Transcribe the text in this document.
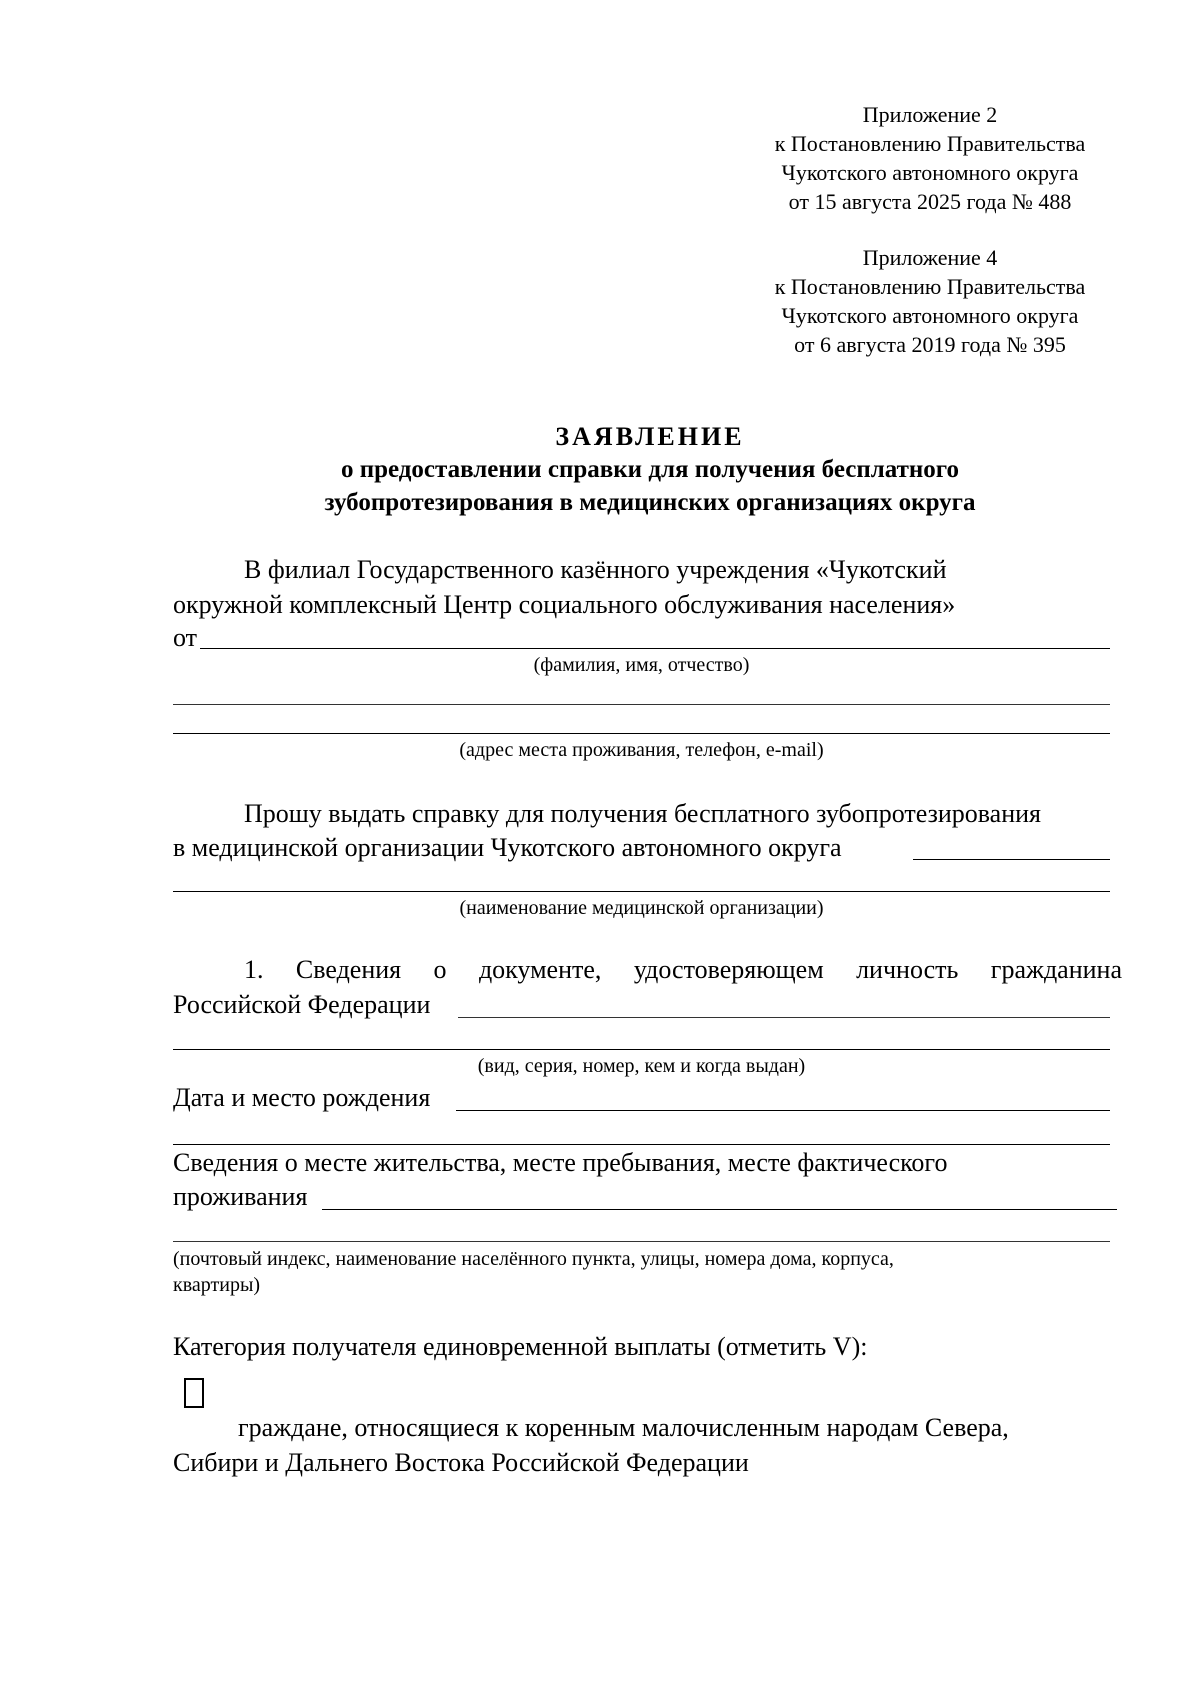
Приложение 2
к Постановлению Правительства
Чукотского автономного округа
от 15 августа 2025 года № 488
Приложение 4
к Постановлению Правительства
Чукотского автономного округа
от 6 августа 2019 года № 395
ЗАЯВЛЕНИЕ
о предоставлении справки для получения бесплатного
зубопротезирования в медицинских организациях округа
В филиал Государственного казённого учреждения «Чукотский
окружной комплексный Центр социального обслуживания населения»
от
(фамилия, имя, отчество)
(адрес места проживания, телефон, e-mail)
Прошу выдать справку для получения бесплатного зубопротезирования
в медицинской организации Чукотского автономного округа
(наименование медицинской организации)
1. Сведения о документе, удостоверяющем личность гражданина
Российской Федерации
(вид, серия, номер, кем и когда выдан)
Дата и место рождения
Сведения о месте жительства, месте пребывания, месте фактического
проживания
(почтовый индекс, наименование населённого пункта, улицы, номера дома, корпуса,
квартиры)
Категория получателя единовременной выплаты (отметить V):
граждане, относящиеся к коренным малочисленным народам Севера,
Сибири и Дальнего Востока Российской Федерации
